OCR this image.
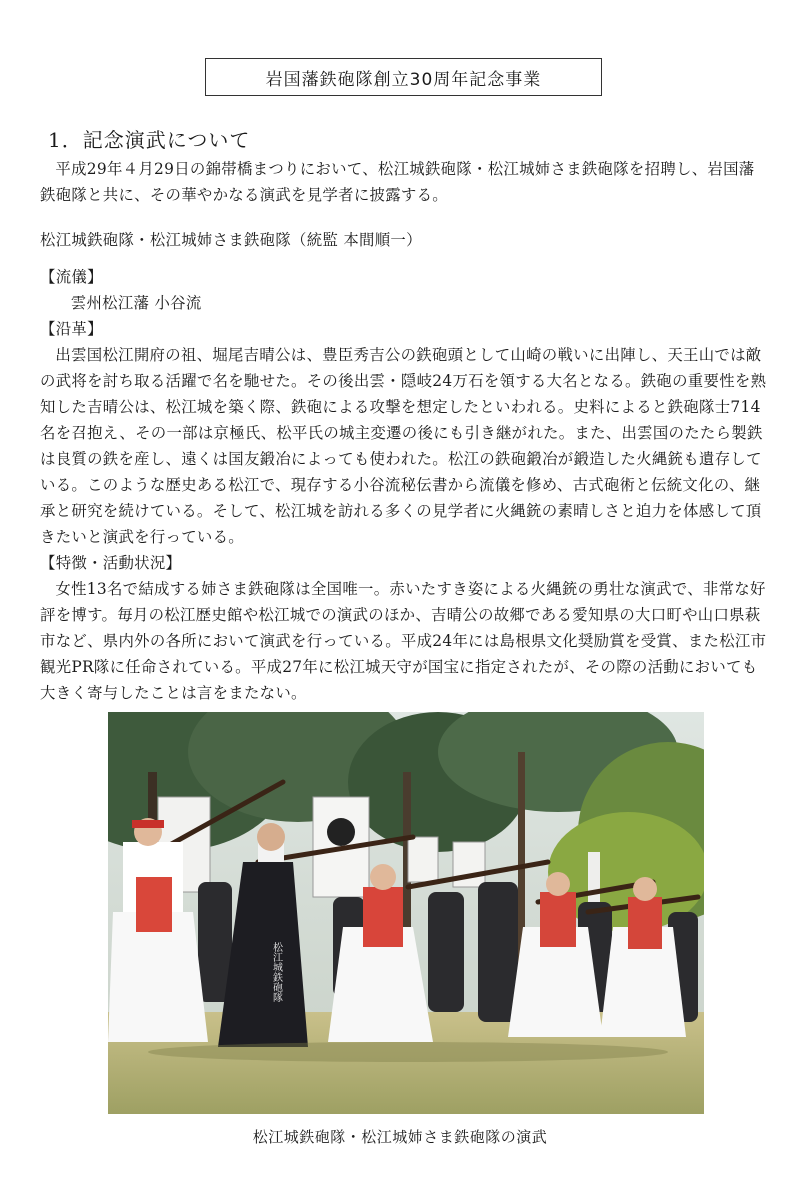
岩国藩鉄砲隊創立30周年記念事業
1．記念演武について

平成29年４月29日の錦帯橋まつりにおいて、松江城鉄砲隊・松江城姉さま鉄砲隊を招聘し、岩国藩鉄砲隊と共に、その華やかなる演武を見学者に披露する。

松江城鉄砲隊・松江城姉さま鉄砲隊（統監 本間順一）

【流儀】

雲州松江藩 小谷流

【沿革】

出雲国松江開府の祖、堀尾吉晴公は、豊臣秀吉公の鉄砲頭として山崎の戦いに出陣し、天王山では敵の武将を討ち取る活躍で名を馳せた。その後出雲・隠岐24万石を領する大名となる。鉄砲の重要性を熟知した吉晴公は、松江城を築く際、鉄砲による攻撃を想定したといわれる。史料によると鉄砲隊士714名を召抱え、その一部は京極氏、松平氏の城主変遷の後にも引き継がれた。また、出雲国のたたら製鉄は良質の鉄を産し、遠くは国友鍛冶によっても使われた。松江の鉄砲鍛冶が鍛造した火縄銃も遺存している。このような歴史ある松江で、現存する小谷流秘伝書から流儀を修め、古式砲術と伝統文化の、継承と研究を続けている。そして、松江城を訪れる多くの見学者に火縄銃の素晴しさと迫力を体感して頂きたいと演武を行っている。

【特徴・活動状況】

女性13名で結成する姉さま鉄砲隊は全国唯一。赤いたすき姿による火縄銃の勇壮な演武で、非常な好評を博す。毎月の松江歴史館や松江城での演武のほか、吉晴公の故郷である愛知県の大口町や山口県萩市など、県内外の各所において演武を行っている。平成24年には島根県文化奨励賞を受賞、また松江市観光PR隊に任命されている。平成27年に松江城天守が国宝に指定されたが、その際の活動においても大きく寄与したことは言をまたない。

松江城鉄砲隊
松江城鉄砲隊・松江城姉さま鉄砲隊の演武
